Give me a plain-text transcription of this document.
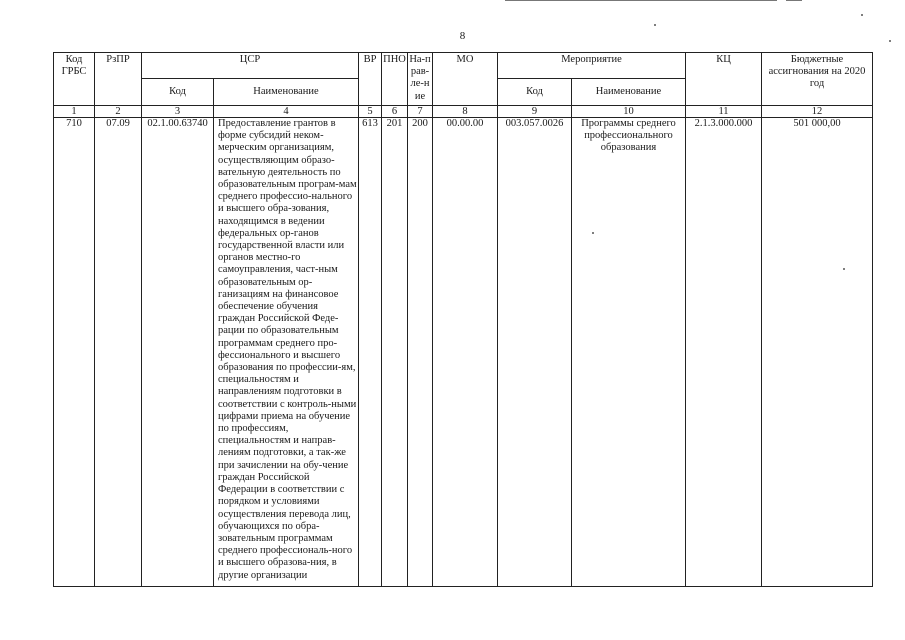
8
Код ГРБС	РзПР	ЦСР		ВР	ПНО	На-прав-ле-ние	МО	Мероприятие		КЦ	Бюджетные ассигнования на 2020 год
		Код	Наименование					Код	Наименование		
1	2	3	4	5	6	7	8	9	10	11	12
710	07.09	02.1.00.63740	Предоставление грантов в форме субсидий неком-мерческим организациям, осуществляющим образо-вательную деятельность по образовательным програм-мам среднего профессио-нального и высшего обра-зования, находящимся в ведении федеральных ор-ганов государственной власти или органов местно-го самоуправления, част-ным образовательным ор-ганизациям на финансовое обеспечение обучения граждан Российской Феде-рации по образовательным программам среднего про-фессионального и высшего образования по профессии-ям, специальностям и направлениям подготовки в соответствии с контроль-ными цифрами приема на обучение по профессиям, специальностям и направ-лениям подготовки, а так-же при зачислении на обу-чение граждан Российской Федерации в соответствии с порядком и условиями осуществления перевода лиц, обучающихся по обра-зовательным программам среднего профессиональ-ного и высшего образова-ния, в другие организации	613	201	200	00.00.00	003.057.0026	Программы среднего профессионального образования	2.1.3.000.000	501 000,00
